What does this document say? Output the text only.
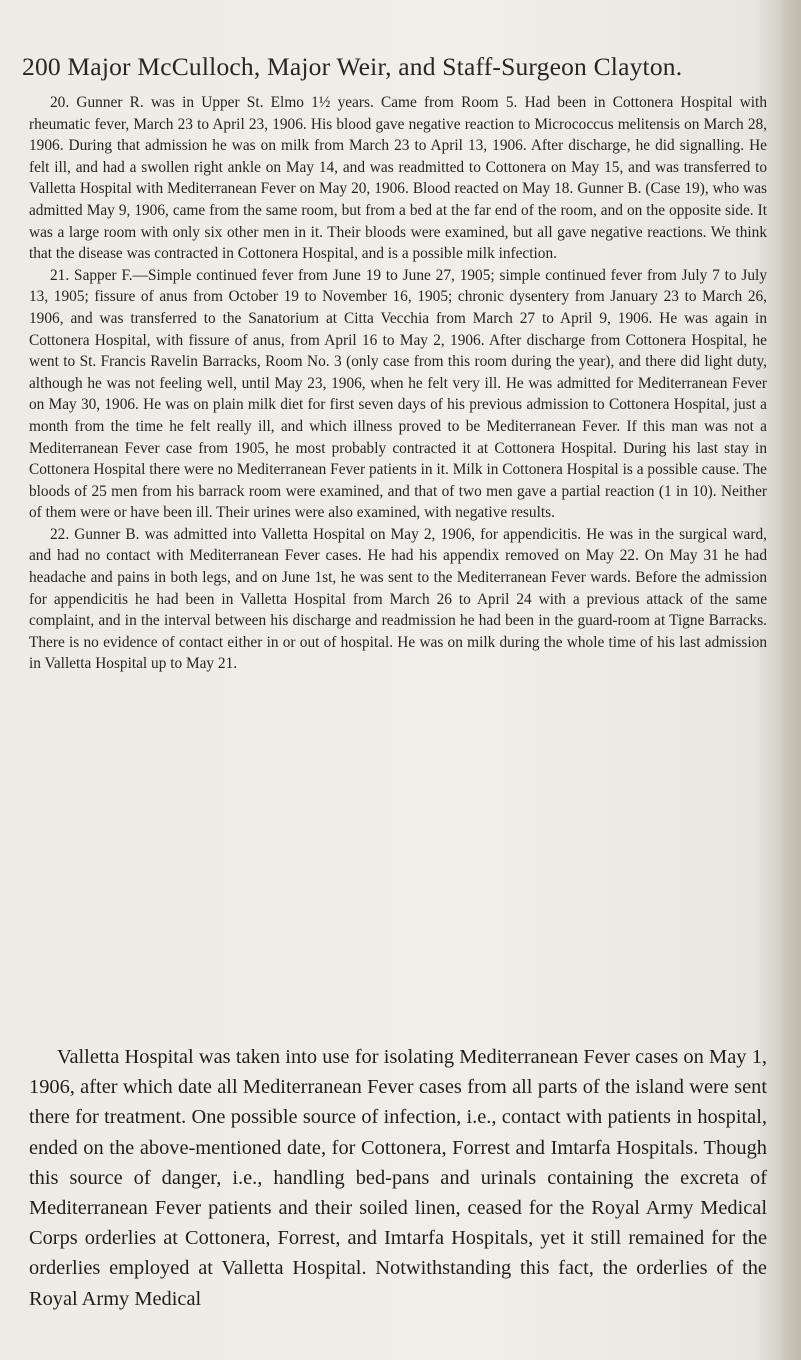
200 Major McCulloch, Major Weir, and Staff-Surgeon Clayton.

20. Gunner R. was in Upper St. Elmo 1½ years. Came from Room 5. Had been in Cottonera Hospital with rheumatic fever, March 23 to April 23, 1906. His blood gave negative reaction to Micrococcus melitensis on March 28, 1906. During that admission he was on milk from March 23 to April 13, 1906. After discharge, he did signalling. He felt ill, and had a swollen right ankle on May 14, and was readmitted to Cottonera on May 15, and was transferred to Valletta Hospital with Mediterranean Fever on May 20, 1906. Blood reacted on May 18. Gunner B. (Case 19), who was admitted May 9, 1906, came from the same room, but from a bed at the far end of the room, and on the opposite side. It was a large room with only six other men in it. Their bloods were examined, but all gave negative reactions. We think that the disease was contracted in Cottonera Hospital, and is a possible milk infection.

21. Sapper F.—Simple continued fever from June 19 to June 27, 1905; simple continued fever from July 7 to July 13, 1905; fissure of anus from October 19 to November 16, 1905; chronic dysentery from January 23 to March 26, 1906, and was transferred to the Sanatorium at Citta Vecchia from March 27 to April 9, 1906. He was again in Cottonera Hospital, with fissure of anus, from April 16 to May 2, 1906. After discharge from Cottonera Hospital, he went to St. Francis Ravelin Barracks, Room No. 3 (only case from this room during the year), and there did light duty, although he was not feeling well, until May 23, 1906, when he felt very ill. He was admitted for Mediterranean Fever on May 30, 1906. He was on plain milk diet for first seven days of his previous admission to Cottonera Hospital, just a month from the time he felt really ill, and which illness proved to be Mediterranean Fever. If this man was not a Mediterranean Fever case from 1905, he most probably contracted it at Cottonera Hospital. During his last stay in Cottonera Hospital there were no Mediterranean Fever patients in it. Milk in Cottonera Hospital is a possible cause. The bloods of 25 men from his barrack room were examined, and that of two men gave a partial reaction (1 in 10). Neither of them were or have been ill. Their urines were also examined, with negative results.

22. Gunner B. was admitted into Valletta Hospital on May 2, 1906, for appendicitis. He was in the surgical ward, and had no contact with Mediterranean Fever cases. He had his appendix removed on May 22. On May 31 he had headache and pains in both legs, and on June 1st, he was sent to the Mediterranean Fever wards. Before the admission for appendicitis he had been in Valletta Hospital from March 26 to April 24 with a previous attack of the same complaint, and in the interval between his discharge and readmission he had been in the guard-room at Tigne Barracks. There is no evidence of contact either in or out of hospital. He was on milk during the whole time of his last admission in Valletta Hospital up to May 21.

Valletta Hospital was taken into use for isolating Mediterranean Fever cases on May 1, 1906, after which date all Mediterranean Fever cases from all parts of the island were sent there for treatment. One possible source of infection, i.e., contact with patients in hospital, ended on the above-mentioned date, for Cottonera, Forrest and Imtarfa Hospitals. Though this source of danger, i.e., handling bed-pans and urinals containing the excreta of Mediterranean Fever patients and their soiled linen, ceased for the Royal Army Medical Corps orderlies at Cottonera, Forrest, and Imtarfa Hospitals, yet it still remained for the orderlies employed at Valletta Hospital. Notwithstanding this fact, the orderlies of the Royal Army Medical
